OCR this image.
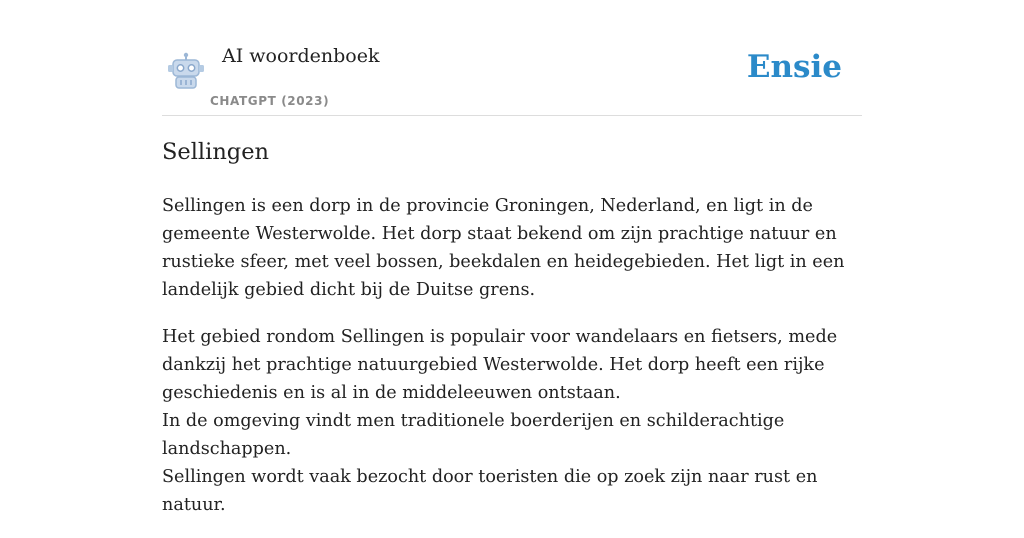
AI woordenboek
CHATGPT (2023)
Ensie
Sellingen

Sellingen is een dorp in de provincie Groningen, Nederland, en ligt in de gemeente Westerwolde. Het dorp staat bekend om zijn prachtige natuur en rustieke sfeer, met veel bossen, beekdalen en heidegebieden. Het ligt in een landelijk gebied dicht bij de Duitse grens.

Het gebied rondom Sellingen is populair voor wandelaars en fietsers, mede dankzij het prachtige natuurgebied Westerwolde. Het dorp heeft een rijke geschiedenis en is al in de middeleeuwen ontstaan.
In de omgeving vindt men traditionele boerderijen en schilderachtige landschappen.
Sellingen wordt vaak bezocht door toeristen die op zoek zijn naar rust en natuur.
